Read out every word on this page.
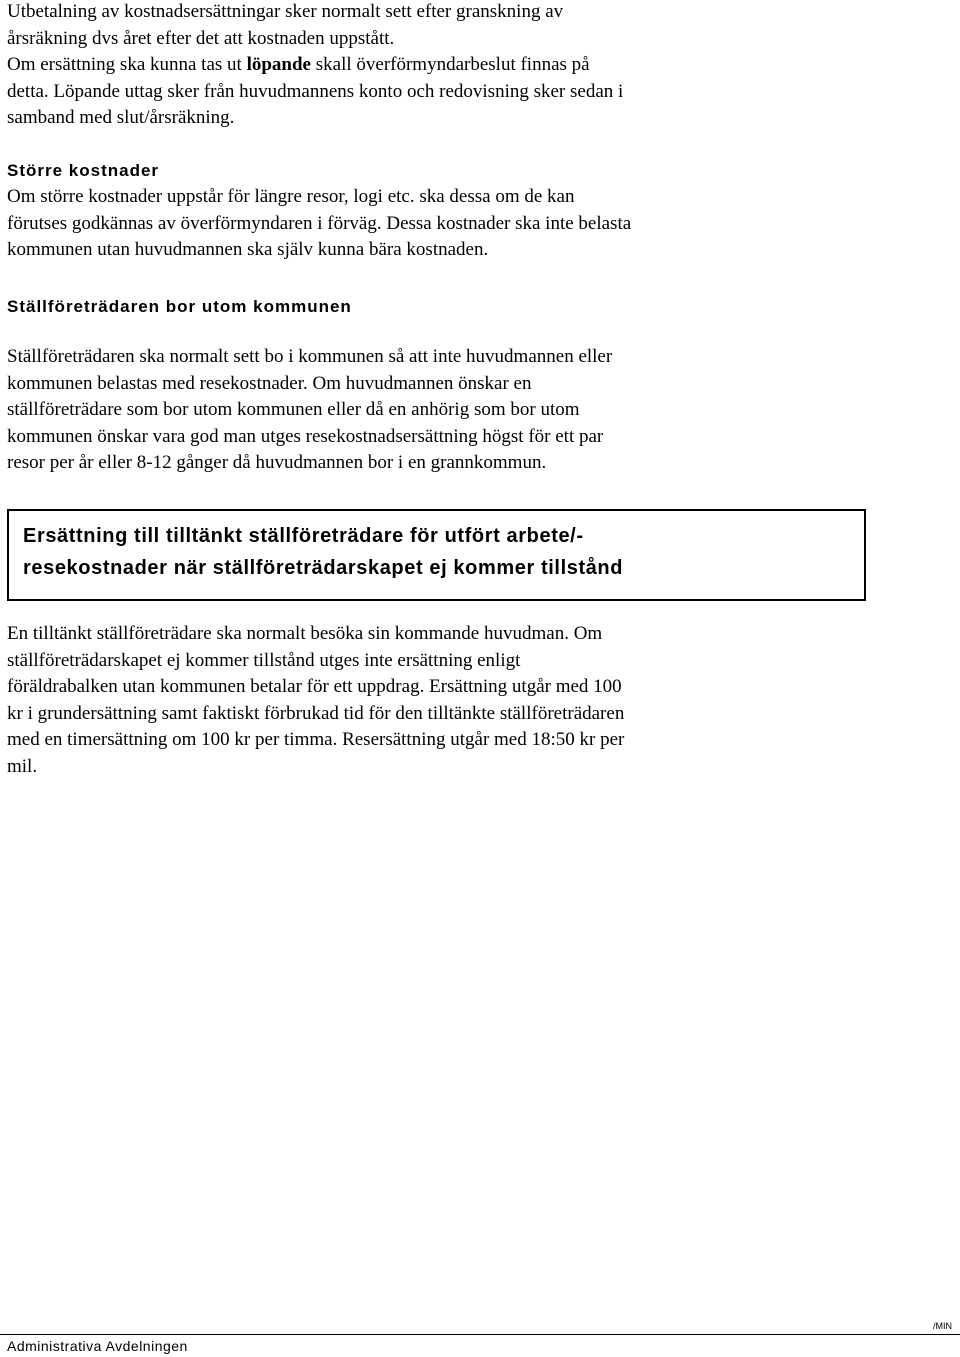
Utbetalning av kostnadsersättningar sker normalt sett efter granskning av
årsräkning dvs året efter det att kostnaden uppstått.
Om ersättning ska kunna tas ut löpande skall överförmyndarbeslut finnas på
detta. Löpande uttag sker från huvudmannens konto och redovisning sker sedan i
samband med slut/årsräkning.

Större kostnader

Om större kostnader uppstår för längre resor, logi etc. ska dessa om de kan
förutses godkännas av överförmyndaren i förväg. Dessa kostnader ska inte belasta
kommunen utan huvudmannen ska själv kunna bära kostnaden.

Ställföreträdaren bor utom kommunen

Ställföreträdaren ska normalt sett bo i kommunen så att inte huvudmannen eller
kommunen belastas med resekostnader. Om huvudmannen önskar en
ställföreträdare som bor utom kommunen eller då en anhörig som bor utom
kommunen önskar vara god man utges resekostnadsersättning högst för ett par
resor per år eller 8-12 gånger då huvudmannen bor i en grannkommun.

Ersättning till tilltänkt ställföreträdare för utfört arbete/-
resekostnader när ställföreträdarskapet ej kommer tillstånd

En tilltänkt ställföreträdare ska normalt besöka sin kommande huvudman. Om
ställföreträdarskapet ej kommer tillstånd utges inte ersättning enligt
föräldrabalken utan kommunen betalar för ett uppdrag. Ersättning utgår med 100
kr i grundersättning samt faktiskt förbrukad tid för den tilltänkte ställföreträdaren
med en timersättning om 100 kr per timma. Resersättning utgår med 18:50 kr per
mil.

/MIN
Administrativa Avdelningen
